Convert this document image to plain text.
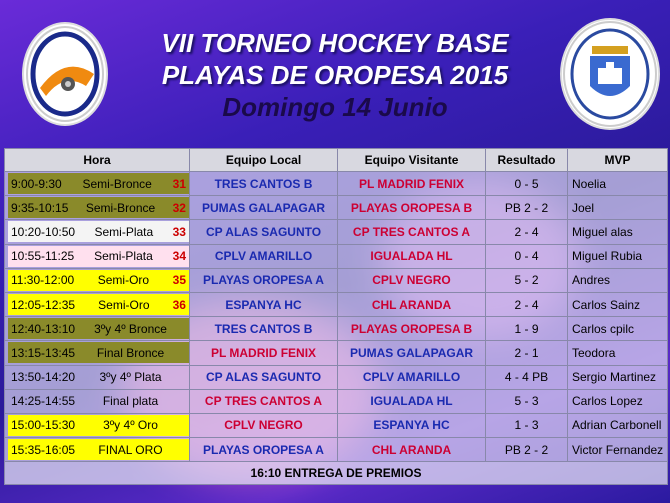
VII TORNEO HOCKEY BASE
PLAYAS DE OROPESA 2015
Domingo 14 Junio
Hora	Equipo Local	Equipo Visitante	Resultado	MVP

9:00-9:30 Semi-Bronce 31	TRES CANTOS B	PL MADRID FENIX	0 - 5	Noelia

9:35-10:15 Semi-Bronce 32	PUMAS GALAPAGAR	PLAYAS OROPESA B	PB 2 - 2	Joel

10:20-10:50 Semi-Plata 33	CP ALAS SAGUNTO	CP TRES CANTOS A	2 - 4	Miguel alas

10:55-11:25 Semi-Plata 34	CPLV AMARILLO	IGUALADA HL	0 - 4	Miguel Rubia

11:30-12:00 Semi-Oro 35	PLAYAS OROPESA A	CPLV NEGRO	5 - 2	Andres

12:05-12:35 Semi-Oro 36	ESPANYA HC	CHL ARANDA	2 - 4	Carlos Sainz

12:40-13:10 3ºy 4º Bronce	TRES CANTOS B	PLAYAS OROPESA B	1 - 9	Carlos cpilc

13:15-13:45 Final Bronce	PL MADRID FENIX	PUMAS GALAPAGAR	2 - 1	Teodora

13:50-14:20 3ºy 4º Plata	CP ALAS SAGUNTO	CPLV AMARILLO	4 - 4 PB	Sergio Martinez

14:25-14:55 Final plata	CP TRES CANTOS A	IGUALADA HL	5 - 3	Carlos Lopez

15:00-15:30 3ºy 4º Oro	CPLV NEGRO	ESPANYA HC	1 - 3	Adrian Carbonell

15:35-16:05 FINAL ORO	PLAYAS OROPESA A	CHL ARANDA	PB 2 - 2	Victor Fernandez
16:10 ENTREGA DE PREMIOS				
